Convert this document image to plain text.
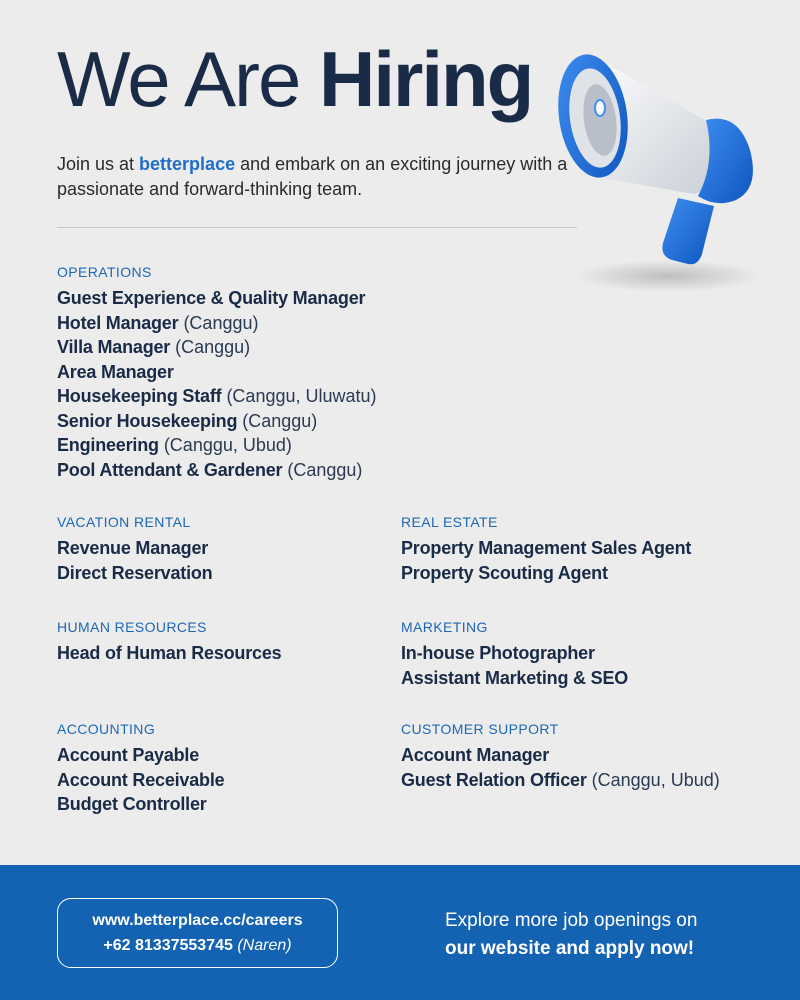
We Are Hiring

Join us at betterplace and embark on an exciting journey with a passionate and forward-thinking team.

OPERATIONS
Guest Experience & Quality Manager
Hotel Manager (Canggu)
Villa Manager (Canggu)
Area Manager
Housekeeping Staff (Canggu, Uluwatu)
Senior Housekeeping (Canggu)
Engineering (Canggu, Ubud)
Pool Attendant & Gardener (Canggu)
VACATION RENTAL
Revenue Manager
Direct Reservation
REAL ESTATE
Property Management Sales Agent
Property Scouting Agent
HUMAN RESOURCES
Head of Human Resources
MARKETING
In-house Photographer
Assistant Marketing & SEO
ACCOUNTING
Account Payable
Account Receivable
Budget Controller
CUSTOMER SUPPORT
Account Manager
Guest Relation Officer (Canggu, Ubud)
www.betterplace.cc/careers
+62 81337553745 (Naren)
Explore more job openings on
our website and apply now!
